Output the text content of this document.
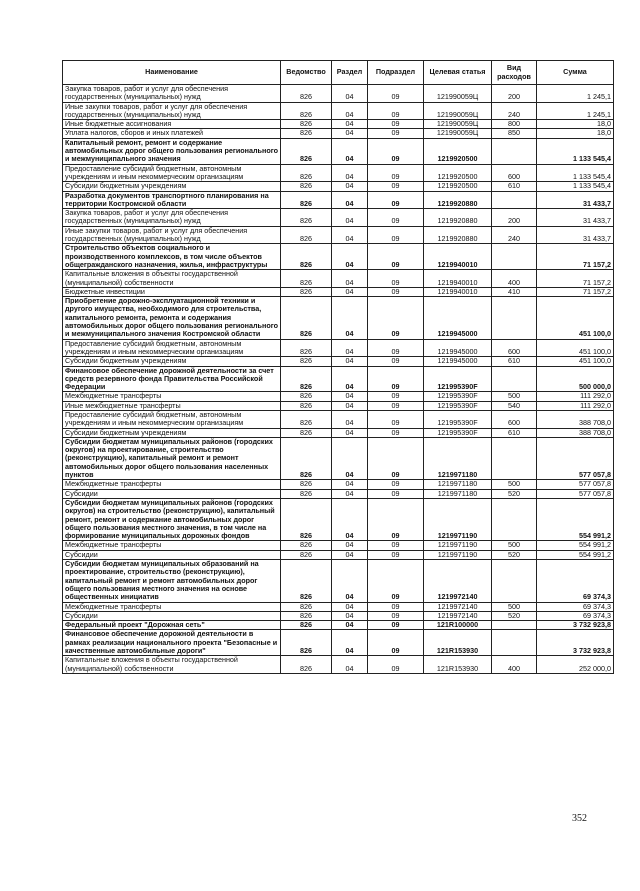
Наименование	Ведомство	Раздел	Подраздел	Целевая статья	Вид расходов	Сумма
Закупка товаров, работ и услуг для обеспечения государственных (муниципальных) нужд	826	04	09	121990059Ц	200	1 245,1
Иные закупки товаров, работ и услуг для обеспечения государственных (муниципальных) нужд	826	04	09	121990059Ц	240	1 245,1
Иные бюджетные ассигнования	826	04	09	121990059Ц	800	18,0
Уплата налогов, сборов и иных платежей	826	04	09	121990059Ц	850	18,0
Капитальный ремонт, ремонт и содержание автомобильных дорог общего пользования регионального и межмуниципального значения	826	04	09	1219920500		1 133 545,4
Предоставление субсидий бюджетным, автономным учреждениям и иным некоммерческим организациям	826	04	09	1219920500	600	1 133 545,4
Субсидии бюджетным учреждениям	826	04	09	1219920500	610	1 133 545,4
Разработка документов транспортного планирования на территории Костромской области	826	04	09	1219920880		31 433,7
Закупка товаров, работ и услуг для обеспечения государственных (муниципальных) нужд	826	04	09	1219920880	200	31 433,7
Иные закупки товаров, работ и услуг для обеспечения государственных (муниципальных) нужд	826	04	09	1219920880	240	31 433,7
Строительство объектов социального и производственного комплексов, в том числе объектов общегражданского назначения, жилья, инфраструктуры	826	04	09	1219940010		71 157,2
Капитальные вложения в объекты государственной (муниципальной) собственности	826	04	09	1219940010	400	71 157,2
Бюджетные инвестиции	826	04	09	1219940010	410	71 157,2
Приобретение дорожно-эксплуатационной техники и другого имущества, необходимого для строительства, капитального ремонта, ремонта и содержания автомобильных дорог общего пользования регионального и межмуниципального значения Костромской области	826	04	09	1219945000		451 100,0
Предоставление субсидий бюджетным, автономным учреждениям и иным некоммерческим организациям	826	04	09	1219945000	600	451 100,0
Субсидии бюджетным учреждениям	826	04	09	1219945000	610	451 100,0
Финансовое обеспечение дорожной деятельности за счет средств резервного фонда Правительства Российской Федерации	826	04	09	121995390F		500 000,0
Межбюджетные трансферты	826	04	09	121995390F	500	111 292,0
Иные межбюджетные трансферты	826	04	09	121995390F	540	111 292,0
Предоставление субсидий бюджетным, автономным учреждениям и иным некоммерческим организациям	826	04	09	121995390F	600	388 708,0
Субсидии бюджетным учреждениям	826	04	09	121995390F	610	388 708,0
Субсидии бюджетам муниципальных районов (городских округов) на проектирование, строительство (реконструкцию), капитальный ремонт и ремонт автомобильных дорог общего пользования населенных пунктов	826	04	09	1219971180		577 057,8
Межбюджетные трансферты	826	04	09	1219971180	500	577 057,8
Субсидии	826	04	09	1219971180	520	577 057,8
Субсидии бюджетам муниципальных районов (городских округов) на строительство (реконструкцию), капитальный ремонт, ремонт и содержание автомобильных дорог общего пользования местного значения, в том числе на формирование муниципальных дорожных фондов	826	04	09	1219971190		554 991,2
Межбюджетные трансферты	826	04	09	1219971190	500	554 991,2
Субсидии	826	04	09	1219971190	520	554 991,2
Субсидии бюджетам муниципальных образований на проектирование, строительство (реконструкцию), капитальный ремонт и ремонт автомобильных дорог общего пользования местного значения на основе общественных инициатив	826	04	09	1219972140		69 374,3
Межбюджетные трансферты	826	04	09	1219972140	500	69 374,3
Субсидии	826	04	09	1219972140	520	69 374,3
Федеральный проект "Дорожная сеть"	826	04	09	121R100000		3 732 923,8
Финансовое обеспечение дорожной деятельности в рамках реализации национального проекта "Безопасные и качественные автомобильные дороги"	826	04	09	121R153930		3 732 923,8
Капитальные вложения в объекты государственной (муниципальной) собственности	826	04	09	121R153930	400	252 000,0
352
